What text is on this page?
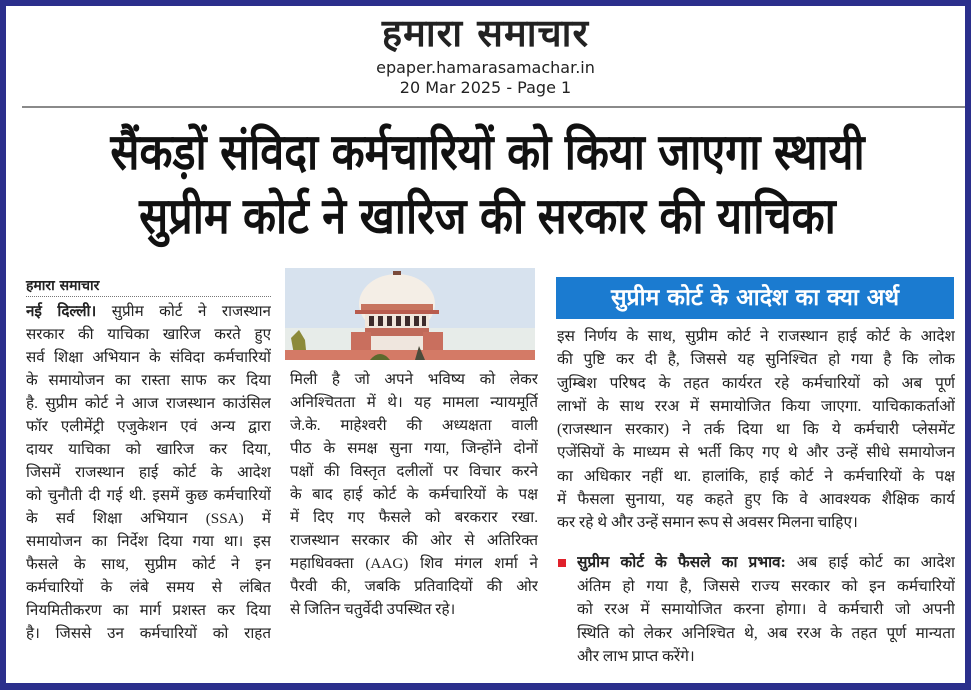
हमारा समाचार
epaper.hamarasamachar.in
20 Mar 2025 - Page 1
सैंकड़ों संविदा कर्मचारियों को किया जाएगा स्थायी
सुप्रीम कोर्ट ने खारिज की सरकार की याचिका
हमारा समाचार
नई दिल्ली। सुप्रीम कोर्ट ने राजस्थान
सरकार की याचिका खारिज करते हुए
सर्व शिक्षा अभियान के संविदा कर्मचारियों
के समायोजन का रास्ता साफ कर दिया
है. सुप्रीम कोर्ट ने आज राजस्थान काउंसिल
फॉर एलीमेंट्री एजुकेशन एवं अन्य द्वारा
दायर याचिका को खारिज कर दिया,
जिसमें राजस्थान हाई कोर्ट के आदेश
को चुनौती दी गई थी. इसमें कुछ कर्मचारियों
के सर्व शिक्षा अभियान (SSA) में
समायोजन का निर्देश दिया गया था। इस
फैसले के साथ, सुप्रीम कोर्ट ने इन
कर्मचारियों के लंबे समय से लंबित
नियमितीकरण का मार्ग प्रशस्त कर दिया
है। जिससे उन कर्मचारियों को राहत
मिली है जो अपने भविष्य को लेकर
अनिश्चितता में थे। यह मामला न्यायमूर्ति
जे.के. माहेश्वरी की अध्यक्षता वाली
पीठ के समक्ष सुना गया, जिन्होंने दोनों
पक्षों की विस्तृत दलीलों पर विचार करने
के बाद हाई कोर्ट के कर्मचारियों के पक्ष
में दिए गए फैसले को बरकरार रखा.
राजस्थान सरकार की ओर से अतिरिक्त
महाधिवक्ता (AAG) शिव मंगल शर्मा ने
पैरवी की, जबकि प्रतिवादियों की ओर
से जितिन चतुर्वेदी उपस्थित रहे।
सुप्रीम कोर्ट के आदेश का क्या अर्थ
इस निर्णय के साथ, सुप्रीम कोर्ट ने राजस्थान हाई कोर्ट के आदेश
की पुष्टि कर दी है, जिससे यह सुनिश्चित हो गया है कि लोक
जुम्बिश परिषद के तहत कार्यरत रहे कर्मचारियों को अब पूर्ण
लाभों के साथ ररअ में समायोजित किया जाएगा. याचिकाकर्ताओं
(राजस्थान सरकार) ने तर्क दिया था कि ये कर्मचारी प्लेसमेंट
एजेंसियों के माध्यम से भर्ती किए गए थे और उन्हें सीधे समायोजन
का अधिकार नहीं था. हालांकि, हाई कोर्ट ने कर्मचारियों के पक्ष
में फैसला सुनाया, यह कहते हुए कि वे आवश्यक शैक्षिक कार्य
कर रहे थे और उन्हें समान रूप से अवसर मिलना चाहिए।
सुप्रीम कोर्ट के फैसले का प्रभाव: अब हाई कोर्ट का आदेश
अंतिम हो गया है, जिससे राज्य सरकार को इन कर्मचारियों
को ररअ में समायोजित करना होगा। वे कर्मचारी जो अपनी
स्थिति को लेकर अनिश्चित थे, अब ररअ के तहत पूर्ण मान्यता
और लाभ प्राप्त करेंगे।
